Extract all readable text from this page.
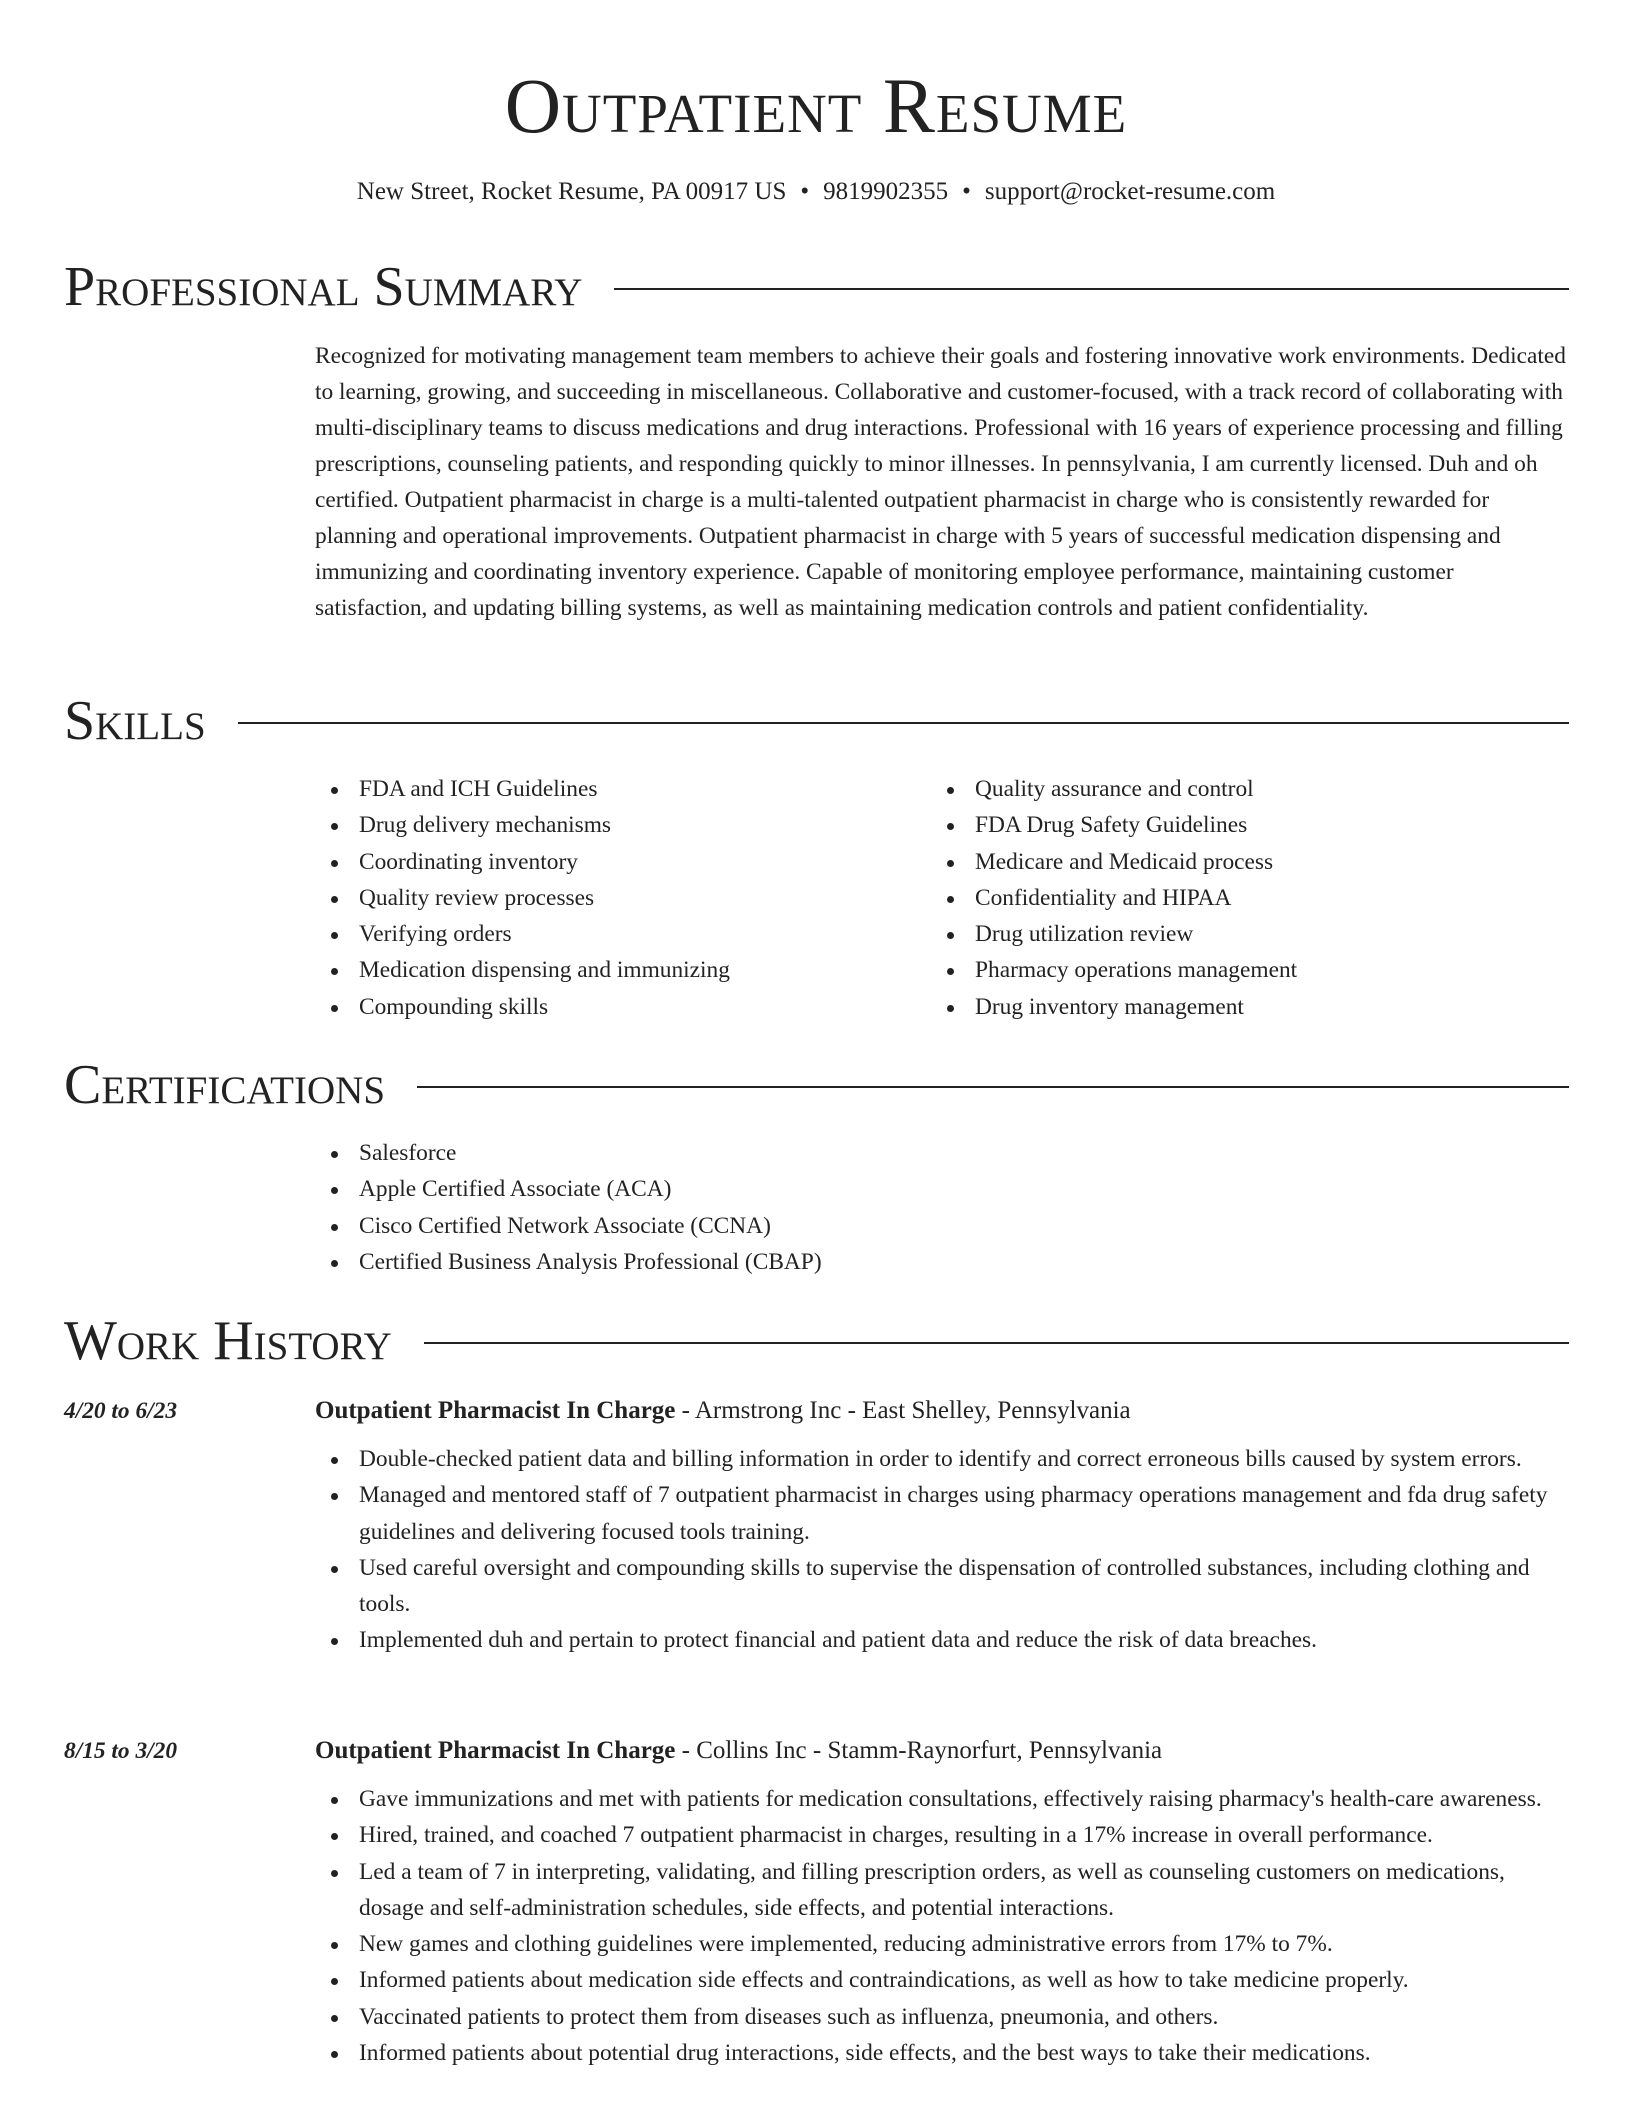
Outpatient Resume
New Street, Rocket Resume, PA 00917 US • 9819902355 • support@rocket-resume.com
Professional Summary

Recognized for motivating management team members to achieve their goals and fostering innovative work environments. Dedicated to learning, growing, and succeeding in miscellaneous. Collaborative and customer-focused, with a track record of collaborating with multi-disciplinary teams to discuss medications and drug interactions. Professional with 16 years of experience processing and filling prescriptions, counseling patients, and responding quickly to minor illnesses. In pennsylvania, I am currently licensed. Duh and oh certified. Outpatient pharmacist in charge is a multi-talented outpatient pharmacist in charge who is consistently rewarded for planning and operational improvements. Outpatient pharmacist in charge with 5 years of successful medication dispensing and immunizing and coordinating inventory experience. Capable of monitoring employee performance, maintaining customer satisfaction, and updating billing systems, as well as maintaining medication controls and patient confidentiality.

Skills
FDA and ICH Guidelines
Drug delivery mechanisms
Coordinating inventory
Quality review processes
Verifying orders
Medication dispensing and immunizing
Compounding skills
Quality assurance and control
FDA Drug Safety Guidelines
Medicare and Medicaid process
Confidentiality and HIPAA
Drug utilization review
Pharmacy operations management
Drug inventory management
Certifications
Salesforce
Apple Certified Associate (ACA)
Cisco Certified Network Associate (CCNA)
Certified Business Analysis Professional (CBAP)
Work History
4/20 to 6/23	Outpatient Pharmacist In Charge - Armstrong Inc - East Shelley, Pennsylvania
Double-checked patient data and billing information in order to identify and correct erroneous bills caused by system errors.
Managed and mentored staff of 7 outpatient pharmacist in charges using pharmacy operations management and fda drug safety guidelines and delivering focused tools training.
Used careful oversight and compounding skills to supervise the dispensation of controlled substances, including clothing and tools.
Implemented duh and pertain to protect financial and patient data and reduce the risk of data breaches.
8/15 to 3/20	Outpatient Pharmacist In Charge - Collins Inc - Stamm-Raynorfurt, Pennsylvania
Gave immunizations and met with patients for medication consultations, effectively raising pharmacy's health-care awareness.
Hired, trained, and coached 7 outpatient pharmacist in charges, resulting in a 17% increase in overall performance.
Led a team of 7 in interpreting, validating, and filling prescription orders, as well as counseling customers on medications, dosage and self-administration schedules, side effects, and potential interactions.
New games and clothing guidelines were implemented, reducing administrative errors from 17% to 7%.
Informed patients about medication side effects and contraindications, as well as how to take medicine properly.
Vaccinated patients to protect them from diseases such as influenza, pneumonia, and others.
Informed patients about potential drug interactions, side effects, and the best ways to take their medications.
